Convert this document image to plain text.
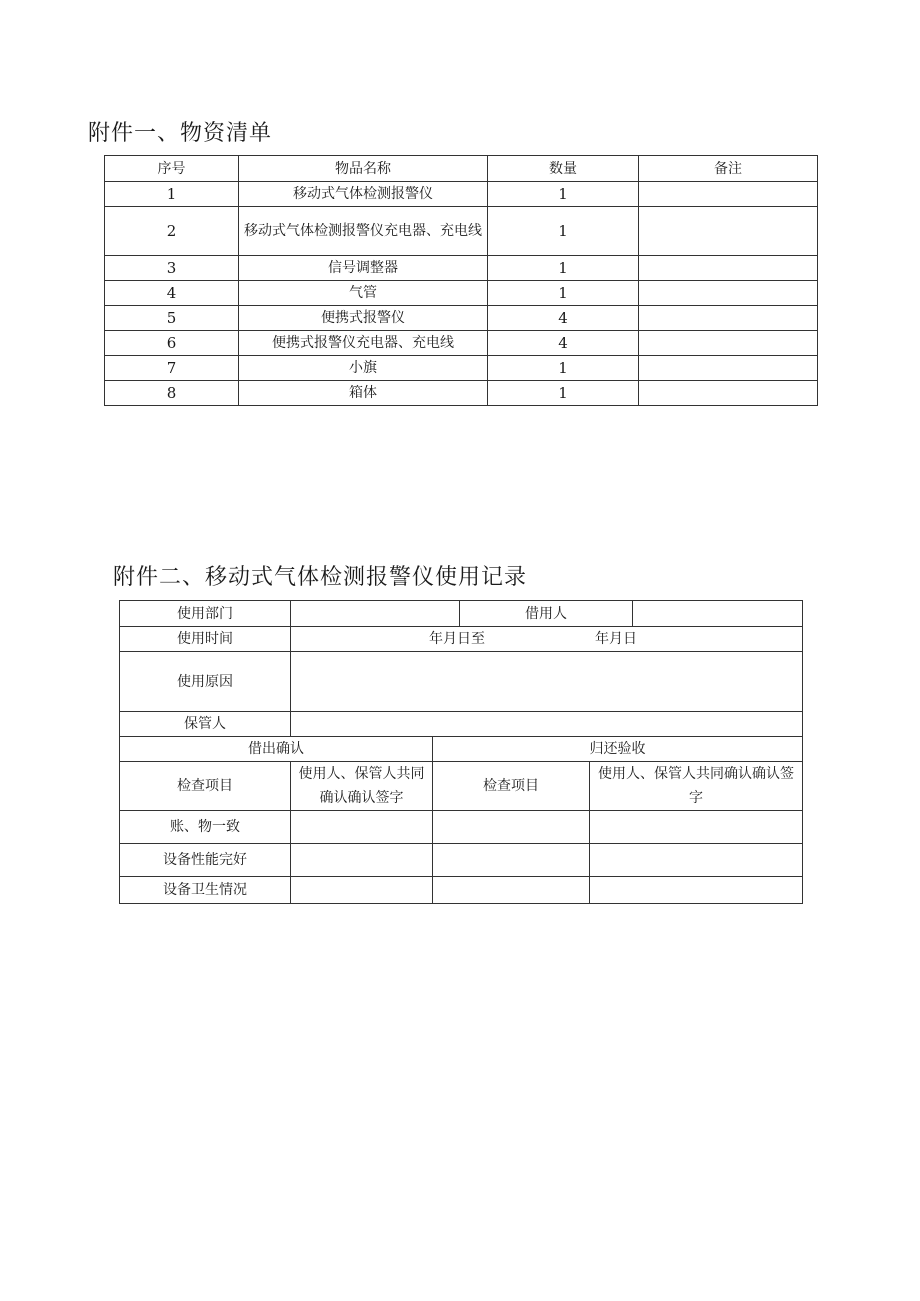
附件一、物资清单
序号	物品名称	数量	备注
1	移动式气体检测报警仪	1	
2	移动式气体检测报警仪充电器、充电线	1	
3	信号调整器	1	
4	气管	1	
5	便携式报警仪	4	
6	便携式报警仪充电器、充电线	4	
7	小旗	1	
8	箱体	1	
附件二、移动式气体检测报警仪使用记录
使用部门			借用人		
使用时间	年月日至 年月日				
使用原因					
保管人					
借出确认		归还验收			
检查项目	使用人、保管人共同确认确认签字	检查项目		使用人、保管人共同确认确认签字	
账、物一致					
设备性能完好					
设备卫生情况					
